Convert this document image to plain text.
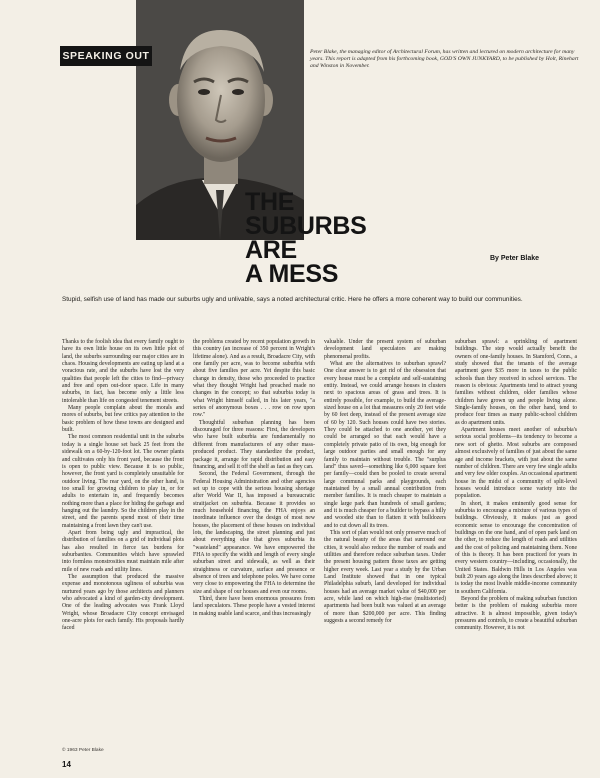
SPEAKING OUT	Peter Blake, the managing editor of Architectural Forum, has written and lectured on modern architecture for many years. This report is adapted from his forthcoming book, GOD'S OWN JUNKYARD, to be published by Holt, Rinehart and Winston in November.
THE
SUBURBS
ARE
A MESS
By Peter Blake
Stupid, selfish use of land has made our suburbs ugly and unlivable, says a noted architectural critic. Here he offers a more coherent way to build our communities.

Thanks to the foolish idea that every family ought to have its own little house on its own little plot of land, the suburbs surrounding our major cities are in chaos. Housing developments are eating up land at a voracious rate, and the suburbs have lost the very qualities that people left the cities to find—privacy and free and open out-door space. Life in many suburbs, in fact, has become only a little less intolerable than life on congested tenement streets.

Many people complain about the morals and mores of suburbs, but few critics pay attention to the basic problem of how these towns are designed and built.

The most common residential unit in the suburbs today is a single house set back 25 feet from the sidewalk on a 60-by-120-foot lot. The owner plants and cultivates only his front yard, because the front is open to public view. Because it is so public, however, the front yard is completely unsuitable for outdoor living. The rear yard, on the other hand, is too small for growing children to play in, or for adults to entertain in, and frequently becomes nothing more than a place for hiding the garbage and hanging out the laundry. So the children play in the street, and the parents spend most of their time maintaining a front lawn they can't use.

Apart from being ugly and impractical, the distribution of families on a grid of individual plots has also resulted in fierce tax burdens for suburbanites. Communities which have sprawled into formless monstrosities must maintain mile after mile of new roads and utility lines.

The assumption that produced the massive expense and monotonous ugliness of suburbia was nurtured years ago by those architects and planners who advocated a kind of garden-city development. One of the leading advocates was Frank Lloyd Wright, whose Broadacre City concept envisaged one-acre plots for each family. His proposals hardly faced

the problems created by recent population growth in this country (an increase of 350 percent in Wright's lifetime alone). And as a result, Broadacre City, with one family per acre, was to become suburbia with about five families per acre. Yet despite this basic change in density, those who proceeded to practice what they thought Wright had preached made no changes in the concept; so that suburbia today is what Wright himself called, in his later years, "a series of anonymous boxes . . . row on row upon row."

Thoughtful suburban planning has been discouraged for three reasons: First, the developers who have built suburbia are fundamentally no different from manufacturers of any other mass-produced product. They standardize the product, package it, arrange for rapid distribution and easy financing, and sell it off the shelf as fast as they can.

Second, the Federal Government, through the Federal Housing Administration and other agencies set up to cope with the serious housing shortage after World War II, has imposed a bureaucratic straitjacket on suburbia. Because it provides so much household financing, the FHA enjoys an inordinate influence over the design of most new houses, the placement of these houses on individual lots, the landscaping, the street planning and just about everything else that gives suburbia its "wasteland" appearance. We have empowered the FHA to specify the width and length of every single suburban street and sidewalk, as well as their straightness or curvature, surface and presence or absence of trees and telephone poles. We have come very close to empowering the FHA to determine the size and shape of our houses and even our rooms.

Third, there have been enormous pressures from land speculators. These people have a vested interest in making usable land scarce, and thus increasingly

valuable. Under the present system of suburban development land speculators are making phenomenal profits.

What are the alternatives to suburban sprawl? One clear answer is to get rid of the obsession that every house must be a complete and self-sustaining entity. Instead, we could arrange houses in clusters next to spacious areas of grass and trees. It is entirely possible, for example, to build the average-sized house on a lot that measures only 20 feet wide by 60 feet deep, instead of the present average size of 60 by 120. Such houses could have two stories. They could be attached to one another, yet they could be arranged so that each would have a completely private patio of its own, big enough for large outdoor parties and small enough for any family to maintain without trouble. The "surplus land" thus saved—something like 6,000 square feet per family—could then be pooled to create several large communal parks and playgrounds, each maintained by a small annual contribution from member families. It is much cheaper to maintain a single large park than hundreds of small gardens; and it is much cheaper for a builder to bypass a hilly and wooded site than to flatten it with bulldozers and to cut down all its trees.

This sort of plan would not only preserve much of the natural beauty of the areas that surround our cities, it would also reduce the number of roads and utilities and therefore reduce suburban taxes. Under the present housing pattern those taxes are getting higher every week. Last year a study by the Urban Land Institute showed that in one typical Philadelphia suburb, land developed for individual houses had an average market value of $40,000 per acre, while land on which high-rise (multistoried) apartments had been built was valued at an average of more than $200,000 per acre. This finding suggests a second remedy for

suburban sprawl: a sprinkling of apartment buildings. The step would actually benefit the owners of one-family houses. In Stamford, Conn., a study showed that the tenants of the average apartment gave $35 more in taxes to the public schools than they received in school services. The reason is obvious: Apartments tend to attract young families without children, older families whose children have grown up and people living alone. Single-family houses, on the other hand, tend to produce four times as many public-school children as do apartment units.

Apartment houses meet another of suburbia's serious social problems—its tendency to become a new sort of ghetto. Most suburbs are composed almost exclusively of families of just about the same age and income brackets, with just about the same number of children. There are very few single adults and very few older couples. An occasional apartment house in the midst of a community of split-level houses would introduce some variety into the population.

In short, it makes eminently good sense for suburbia to encourage a mixture of various types of buildings. Obviously, it makes just as good economic sense to encourage the concentration of buildings on the one hand, and of open park land on the other, to reduce the length of roads and utilities and the cost of policing and maintaining them. None of this is theory. It has been practiced for years in every western country—including, occasionally, the United States. Baldwin Hills in Los Angeles was built 20 years ago along the lines described above; it is today the most livable middle-income community in southern California.

Beyond the problem of making suburban function better is the problem of making suburbia more attractive. It is almost impossible, given today's pressures and controls, to create a beautiful suburban community. However, it is not

© 1963 Peter Blake
14
